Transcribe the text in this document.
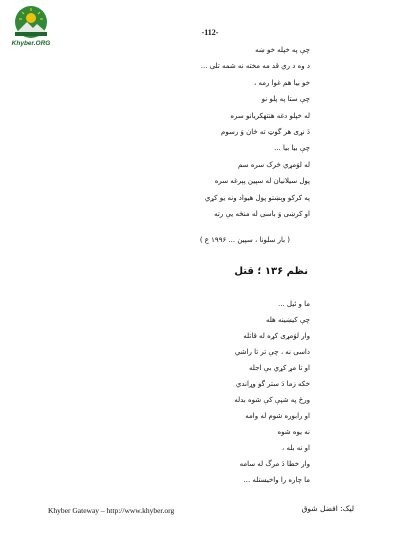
Khyber.ORG
-112-
چې په خپله خو ښه
د وه د ري قد مه مخته نه شمه تلی ...
خو بیا هم غوا رمه ،
چې ستا په پلو نو
له خپلو دغه هنتهکريانو سره
دَ نړی هر گوټ ته ځان وَ رسوم
چې بيا بيا ...
له لوَمړي څرک سره سم
پول سیلانیان له سپین پېرغه سره
په کرکو وېښتو پول هيواد ونه یو کړي
او کرښی وَ باسی له منځه يې رته
( بار سلونا ، سپين ... ۱۹۹۶ ع )
نظم ۱۳۶ ؛ قتل
ما و ئیل ...
چې کیښینه هله
وار لوَمړی کړه له قاتله
داسی نه ، چې تر تا راشي
او تا مړ کړي بې اجله
خکه زما دَ ستر گو وړاندي
ورځ په شپې کې شوه بدله
او رابوره شوم له وامه
نه یوه شوه
او نه بله ،
وار خطا دَ مرگ له سامه
ما چاره را واخیستله ...
Khyber Gateway – http://www.khyber.org	ليک: افضل شوق
